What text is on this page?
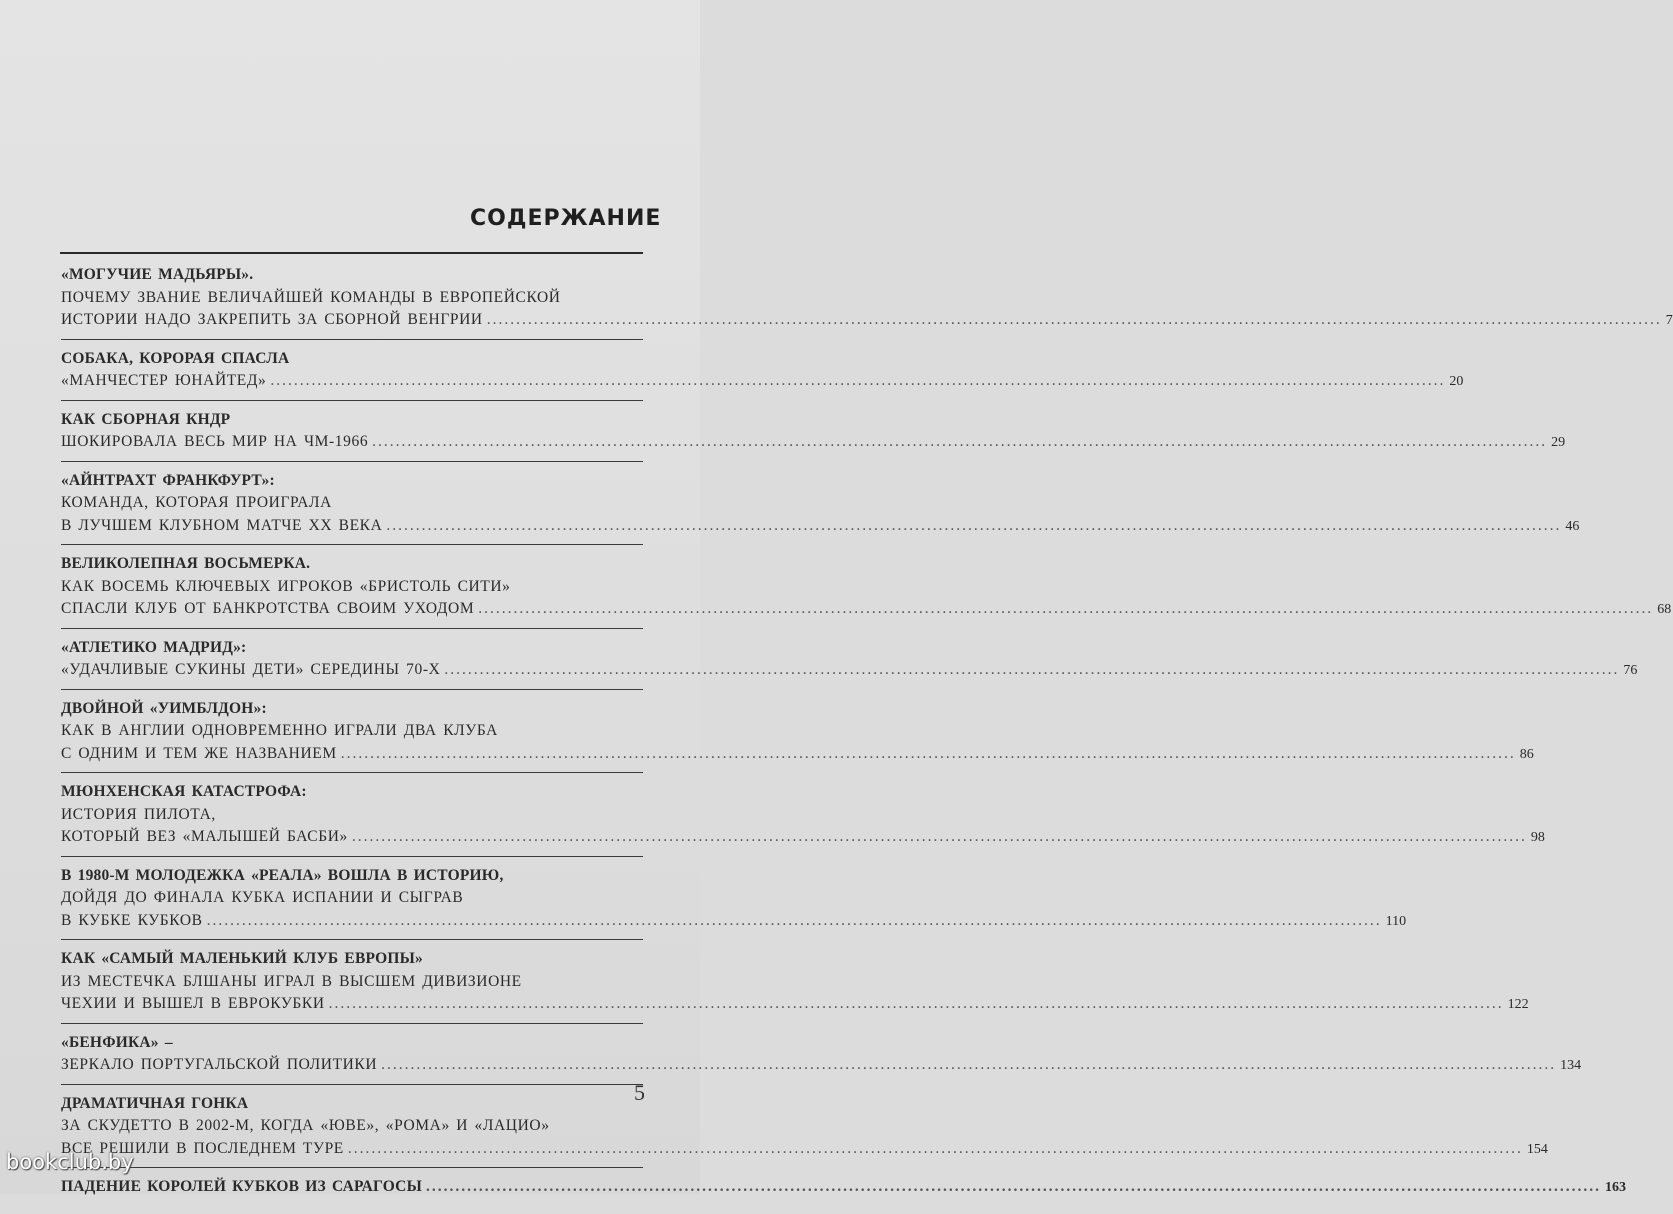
СОДЕРЖАНИЕ
«МОГУЧИЕ МАДЬЯРЫ».
ПОЧЕМУ ЗВАНИЕ ВЕЛИЧАЙШЕЙ КОМАНДЫ В ЕВРОПЕЙСКОЙ
ИСТОРИИ НАДО ЗАКРЕПИТЬ ЗА СБОРНОЙ ВЕНГРИИ ........................................................................................................................................................................................................ 7
СОБАКА, КОРОРАЯ СПАСЛА
«МАНЧЕСТЕР ЮНАЙТЕД» ........................................................................................................................................................................................................ 20
КАК СБОРНАЯ КНДР
ШОКИРОВАЛА ВЕСЬ МИР НА ЧМ-1966 ........................................................................................................................................................................................................ 29
«АЙНТРАХТ ФРАНКФУРТ»:
КОМАНДА, КОТОРАЯ ПРОИГРАЛА
В ЛУЧШЕМ КЛУБНОМ МАТЧЕ XX ВЕКА ........................................................................................................................................................................................................ 46
ВЕЛИКОЛЕПНАЯ ВОСЬМЕРКА.
КАК ВОСЕМЬ КЛЮЧЕВЫХ ИГРОКОВ «БРИСТОЛЬ СИТИ»
СПАСЛИ КЛУБ ОТ БАНКРОТСТВА СВОИМ УХОДОМ ........................................................................................................................................................................................................ 68
«АТЛЕТИКО МАДРИД»:
«УДАЧЛИВЫЕ СУКИНЫ ДЕТИ» СЕРЕДИНЫ 70-Х ........................................................................................................................................................................................................ 76
ДВОЙНОЙ «УИМБЛДОН»:
КАК В АНГЛИИ ОДНОВРЕМЕННО ИГРАЛИ ДВА КЛУБА
С ОДНИМ И ТЕМ ЖЕ НАЗВАНИЕМ ........................................................................................................................................................................................................ 86
МЮНХЕНСКАЯ КАТАСТРОФА:
ИСТОРИЯ ПИЛОТА,
КОТОРЫЙ ВЕЗ «МАЛЫШЕЙ БАСБИ» ........................................................................................................................................................................................................ 98
В 1980-М МОЛОДЕЖКА «РЕАЛА» ВОШЛА В ИСТОРИЮ,
ДОЙДЯ ДО ФИНАЛА КУБКА ИСПАНИИ И СЫГРАВ
В КУБКЕ КУБКОВ ........................................................................................................................................................................................................ 110
КАК «САМЫЙ МАЛЕНЬКИЙ КЛУБ ЕВРОПЫ»
ИЗ МЕСТЕЧКА БЛШАНЫ ИГРАЛ В ВЫСШЕМ ДИВИЗИОНЕ
ЧЕХИИ И ВЫШЕЛ В ЕВРОКУБКИ ........................................................................................................................................................................................................ 122
«БЕНФИКА» –
ЗЕРКАЛО ПОРТУГАЛЬСКОЙ ПОЛИТИКИ ........................................................................................................................................................................................................ 134
ДРАМАТИЧНАЯ ГОНКА
ЗА СКУДЕТТО В 2002-М, КОГДА «ЮВЕ», «РОМА» И «ЛАЦИО»
ВСЕ РЕШИЛИ В ПОСЛЕДНЕМ ТУРЕ ........................................................................................................................................................................................................ 154
ПАДЕНИЕ КОРОЛЕЙ КУБКОВ ИЗ САРАГОСЫ ........................................................................................................................................................................................................ 163
5
bookclub.by
